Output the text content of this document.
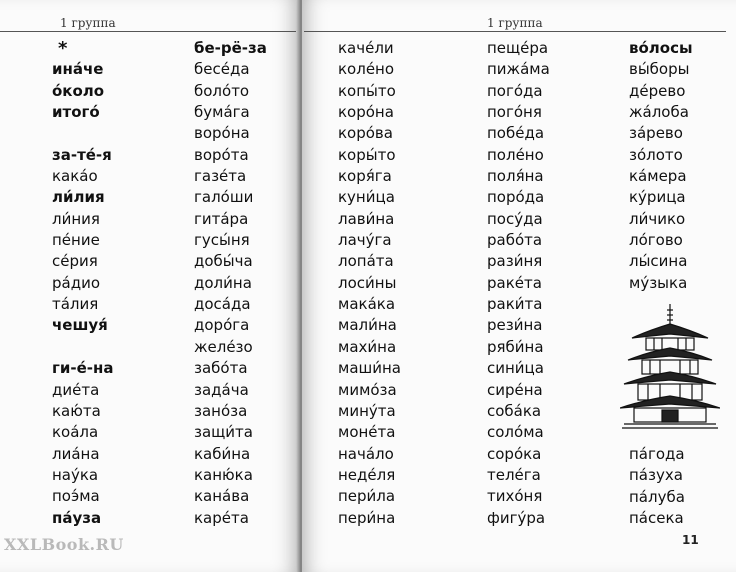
1 группа
*
ина́че
о́коло
итого́
за-тé-я
кака́о
ли́лия
ли́ния
пе́ние
се́рия
ра́дио
та́лия
чешуя́
ги-é-на
дие́та
каю́та
коа́ла
лиа́на
нау́ка
поэ́ма
па́уза
бе-рё-за
бесе́да
боло́то
бума́га
воро́на
воро́та
газе́та
гало́ши
гита́ра
гусы́ня
добы́ча
доли́на
доса́да
доро́га
желе́зо
забо́та
зада́ча
зано́за
защи́та
каби́на
каню́ка
кана́ва
каре́та
XXLBook.RU
1 группа
каче́ли
коле́но
копы́то
коро́на
коро́ва
коры́то
коря́га
куни́ца
лави́на
лачу́га
лопа́та
лоси́ны
мака́ка
мали́на
махи́на
маши́на
мимо́за
мину́та
моне́та
нача́ло
неде́ля
пери́ла
пери́на
пеще́ра
пижа́ма
пого́да
пого́ня
побе́да
поле́но
поля́на
поро́да
посу́да
рабо́та
рази́ня
раке́та
раки́та
рези́на
ряби́на
сини́ца
сире́на
соба́ка
соло́ма
соро́ка
теле́га
тихо́ня
фигу́ра
во́лосы
вы́боры
де́рево
жа́лоба
за́рево
зо́лото
ка́мера
ку́рица
ли́чико
ло́гово
лы́сина
му́зыка
па́года
па́зуха
па́луба
па́сека
11
